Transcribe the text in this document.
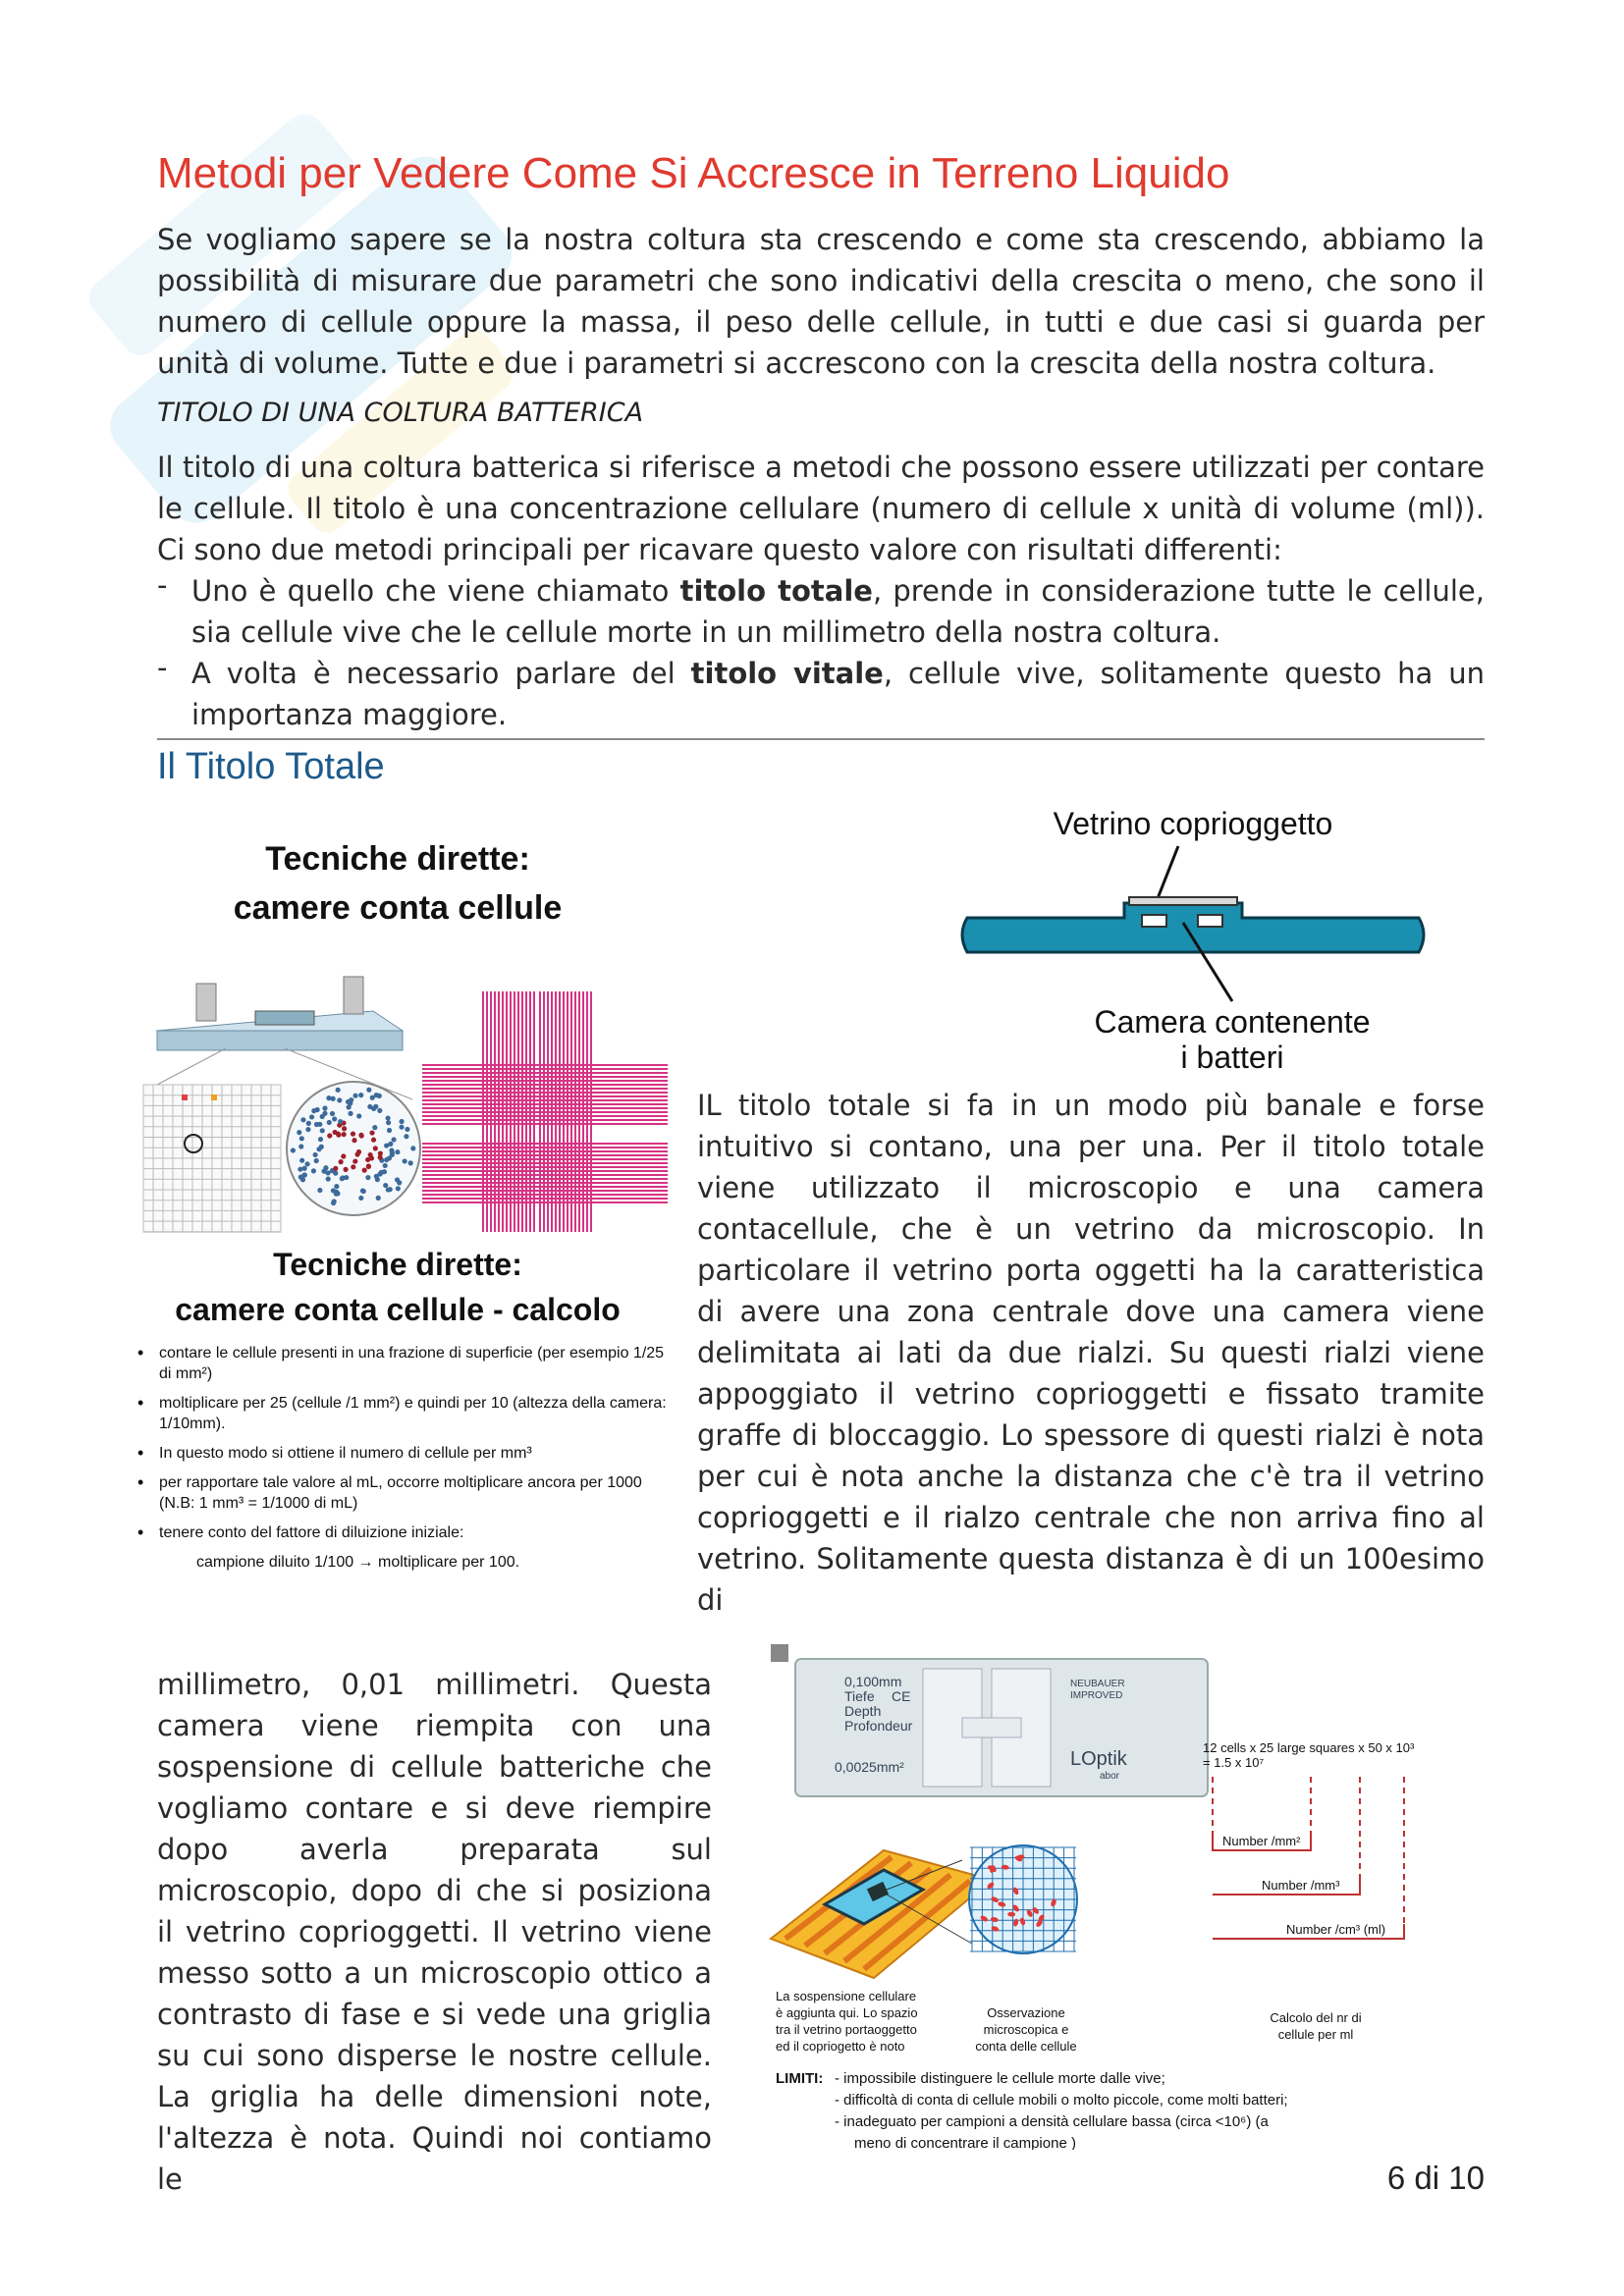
Metodi per Vedere Come Si Accresce in Terreno Liquido

Se vogliamo sapere se la nostra coltura sta crescendo e come sta crescendo, abbiamo la possibilità di misurare due parametri che sono indicativi della crescita o meno, che sono il numero di cellule oppure la massa, il peso delle cellule, in tutti e due casi si guarda per unità di volume. Tutte e due i parametri si accrescono con la crescita della nostra coltura.

TITOLO DI UNA COLTURA BATTERICA

Il titolo di una coltura batterica si riferisce a metodi che possono essere utilizzati per contare le cellule. Il titolo è una concentrazione cellulare (numero di cellule x unità di volume (ml)). Ci sono due metodi principali per ricavare questo valore con risultati differenti:

- Uno è quello che viene chiamato titolo totale, prende in considerazione tutte le cellule, sia cellule vive che le cellule morte in un millimetro della nostra coltura.
- A volta è necessario parlare del titolo vitale, cellule vive, solitamente questo ha un importanza maggiore.
Il Titolo Totale
Tecniche dirette:
camere conta cellule
Tecniche dirette:
camere conta cellule - calcolo
• contare le cellule presenti in una frazione di superficie (per esempio 1/25 di mm²)
• moltiplicare per 25 (cellule /1 mm²) e quindi per 10 (altezza della camera: 1/10mm).
• In questo modo si ottiene il numero di cellule per mm³
• per rapportare tale valore al mL, occorre moltiplicare ancora per 1000 (N.B: 1 mm³ = 1/1000 di mL)
• tenere conto del fattore di diluizione iniziale:
campione diluito 1/100 → moltiplicare per 100.
Vetrino coprioggetto
Camera contenente
i batteri

IL titolo totale si fa in un modo più banale e forse intuitivo si contano, una per una. Per il titolo totale viene utilizzato il microscopio e una camera contacellule, che è un vetrino da microscopio. In particolare il vetrino porta oggetti ha la caratteristica di avere una zona centrale dove una camera viene delimitata ai lati da due rialzi. Su questi rialzi viene appoggiato il vetrino coprioggetti e fissato tramite graffe di bloccaggio. Lo spessore di questi rialzi è nota per cui è nota anche la distanza che c'è tra il vetrino coprioggetti e il rialzo centrale che non arriva fino al vetrino. Solitamente questa distanza è di un 100esimo di

millimetro, 0,01 millimetri. Questa camera viene riempita con una sospensione di cellule batteriche che vogliamo contare e si deve riempire dopo averla preparata sul microscopio, dopo di che si posiziona il vetrino coprioggetti. Il vetrino viene messo sotto a un microscopio ottico a contrasto di fase e si vede una griglia su cui sono disperse le nostre cellule. La griglia ha delle dimensioni note, l'altezza è nota. Quindi noi contiamo le

0,100mm
Tiefe CE
Depth
Profondeur
0,0025mm²
NEUBAUER
IMPROVED
LOptik
abor
12 cells x 25 large squares x 50 x 10³
= 1.5 x 10⁷
Number /mm²
Number /mm³
Number /cm³ (ml)
La sospensione cellulare
è aggiunta qui. Lo spazio
tra il vetrino portaoggetto
ed il copriogetto è noto
Osservazione
microscopica e
conta delle cellule
Calcolo del nr di
cellule per ml
LIMITI: - impossibile distinguere le cellule morte dalle vive;
- difficoltà di conta di cellule mobili o molto piccole, come molti batteri;
- inadeguato per campioni a densità cellulare bassa (circa <10⁶) (a
meno di concentrare il campione )
6 di 10
